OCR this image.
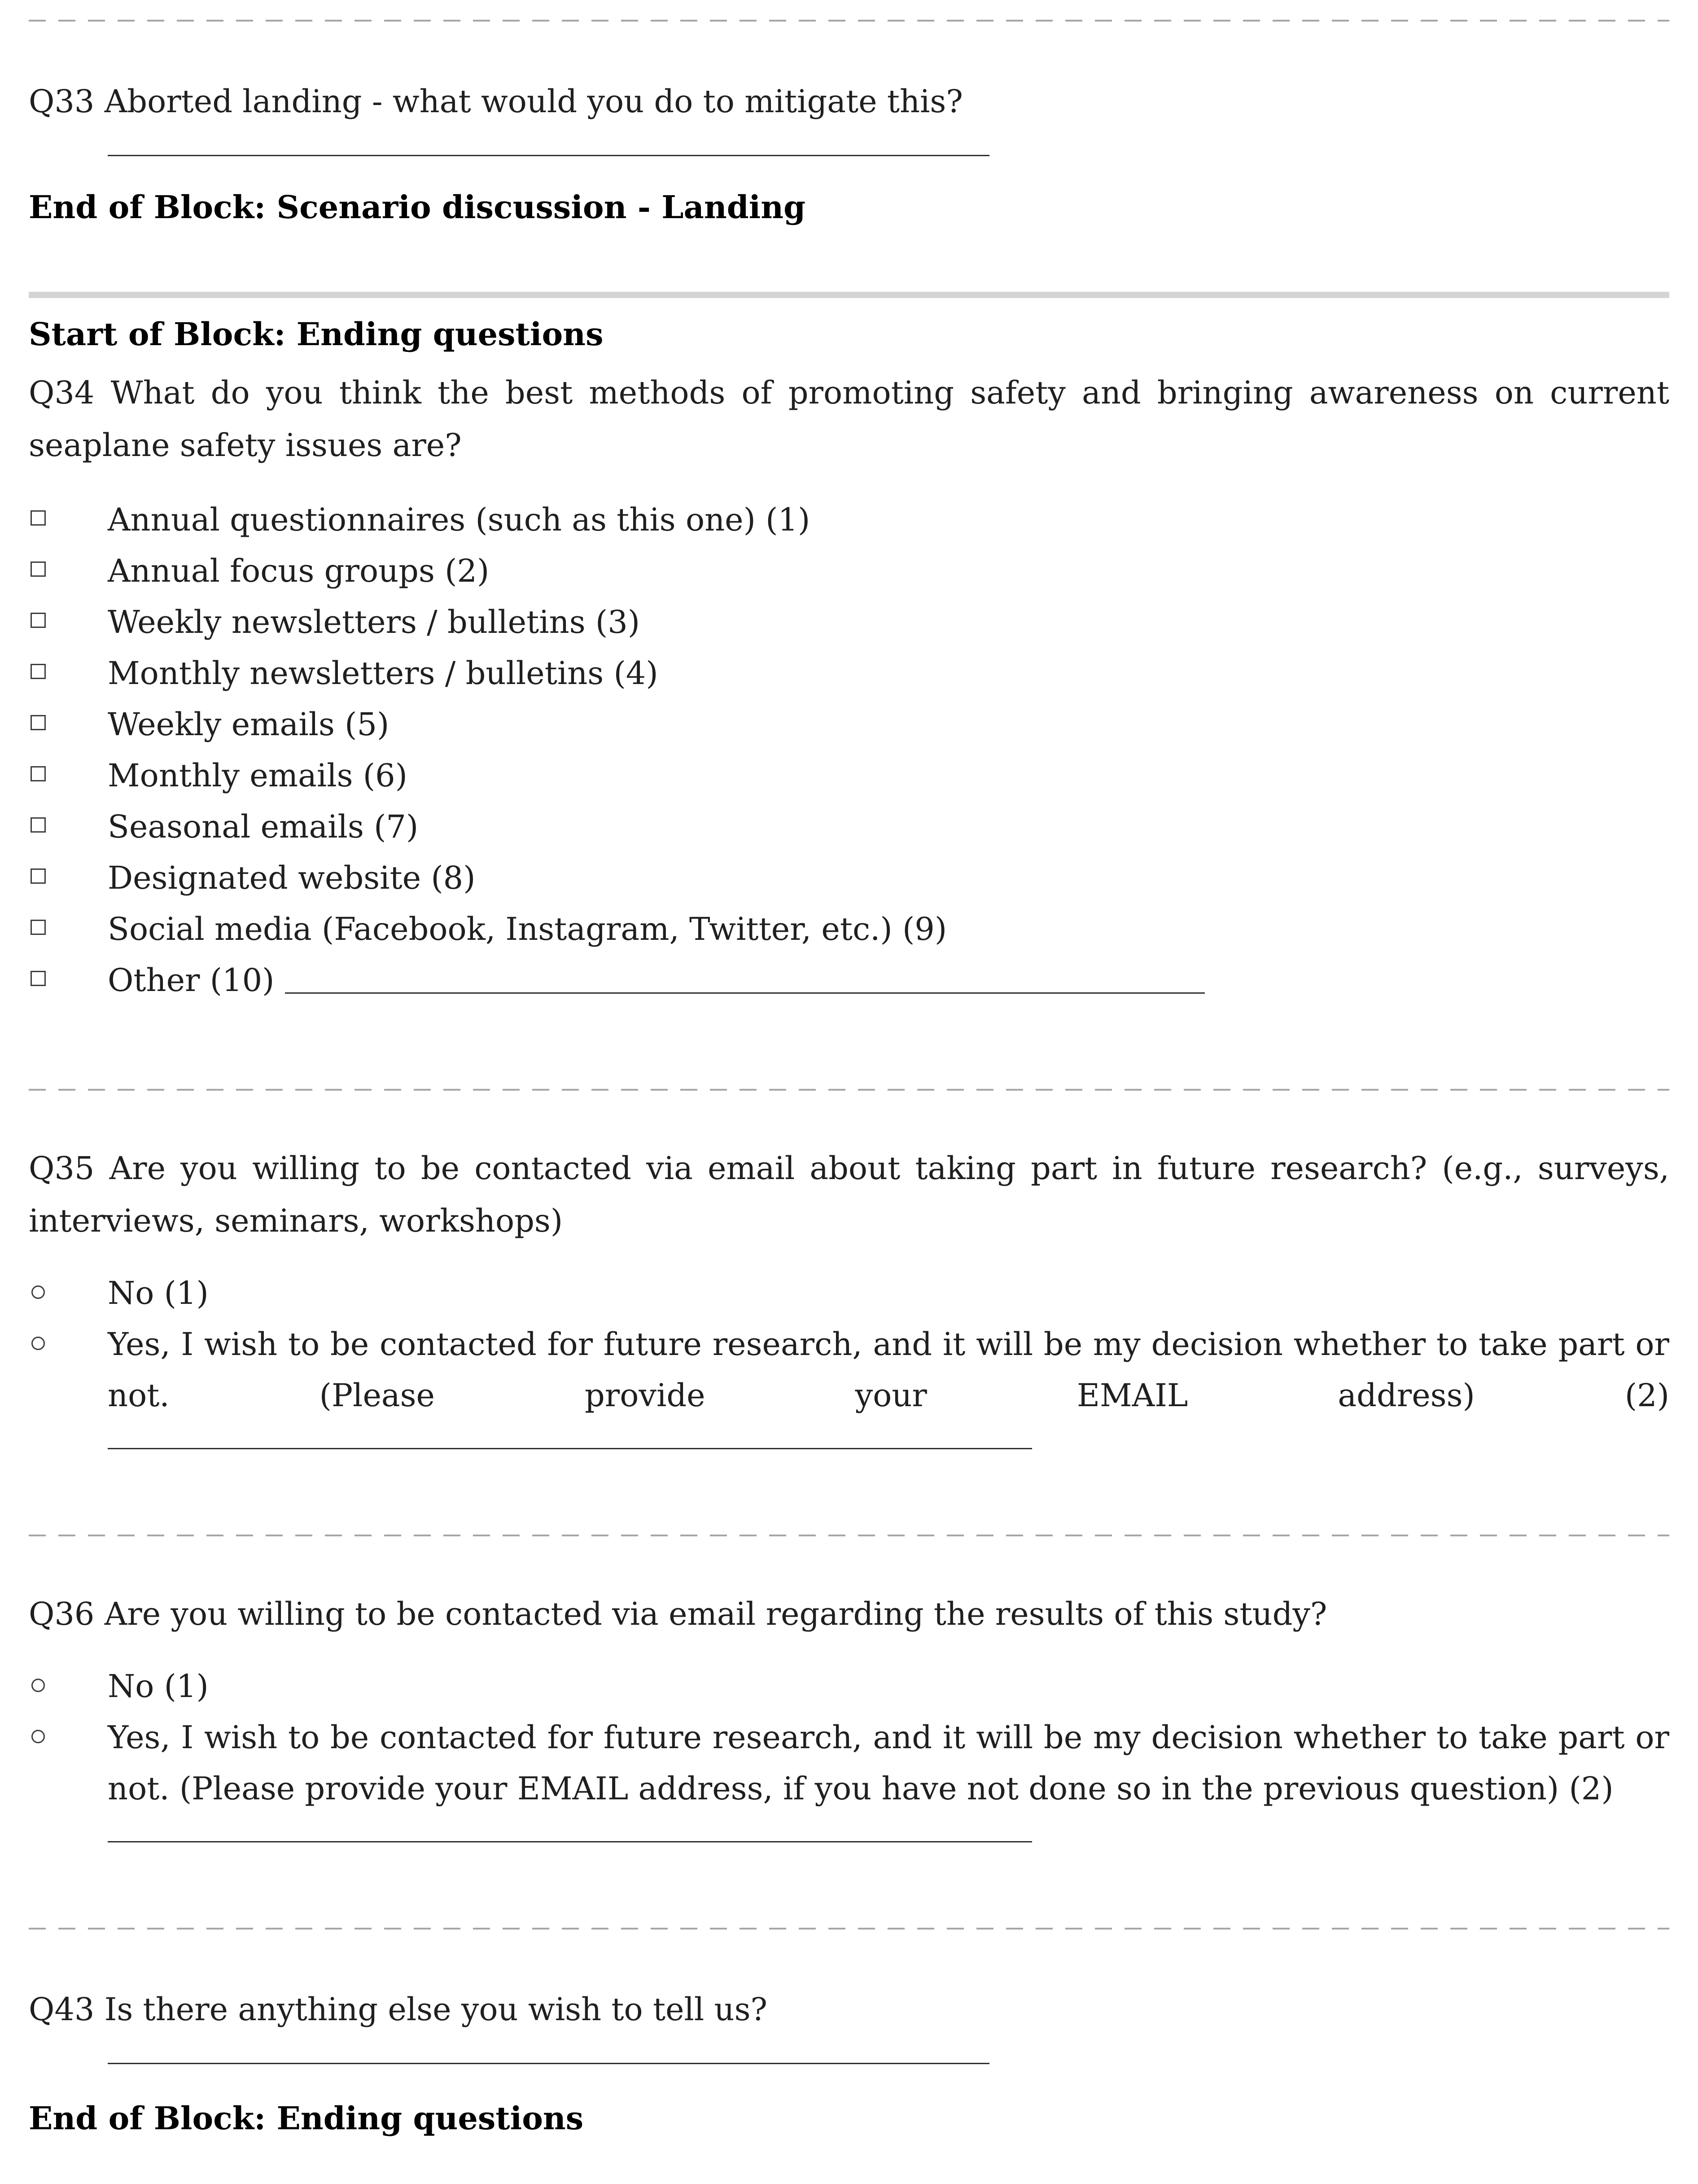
Q33 Aborted landing - what would you do to mitigate this?

End of Block: Scenario discussion - Landing

Start of Block: Ending questions

Q34 What do you think the best methods of promoting safety and bringing awareness on current seaplane safety issues are?

Annual questionnaires (such as this one) (1)
Annual focus groups (2)
Weekly newsletters / bulletins (3)
Monthly newsletters / bulletins (4)
Weekly emails (5)
Monthly emails (6)
Seasonal emails (7)
Designated website (8)
Social media (Facebook, Instagram, Twitter, etc.) (9)
Other (10)

Q35 Are you willing to be contacted via email about taking part in future research? (e.g., surveys, interviews, seminars, workshops)

No (1)
Yes, I wish to be contacted for future research, and it will be my decision whether to take part or not. (Please provide your EMAIL address) (2)

Q36 Are you willing to be contacted via email regarding the results of this study?

No (1)
Yes, I wish to be contacted for future research, and it will be my decision whether to take part or not. (Please provide your EMAIL address, if you have not done so in the previous question) (2)

Q43 Is there anything else you wish to tell us?

End of Block: Ending questions
